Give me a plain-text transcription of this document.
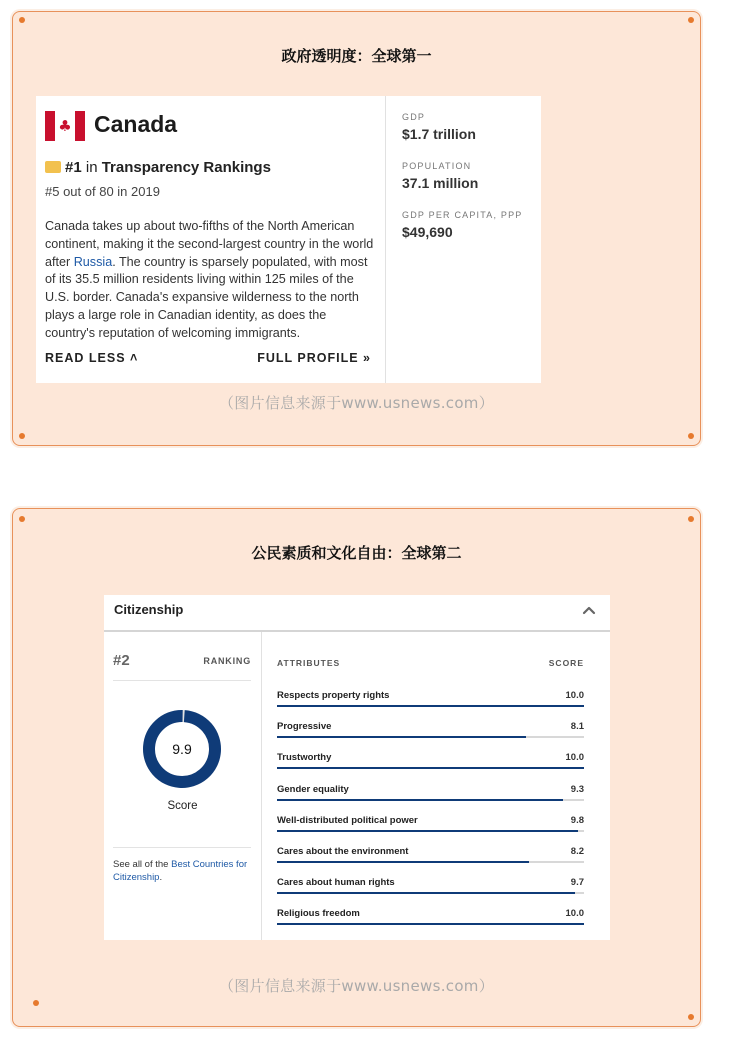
政府透明度：全球第一
♣ Canada
#1 in Transparency Rankings
#5 out of 80 in 2019
Canada takes up about two-fifths of the North American continent, making it the second-largest country in the world after Russia. The country is sparsely populated, with most of its 35.5 million residents living within 125 miles of the U.S. border. Canada's expansive wilderness to the north plays a large role in Canadian identity, as does the country's reputation of welcoming immigrants.
READ LESS ˄	FULL PROFILE »
GDP
$1.7 trillion
POPULATION
37.1 million
GDP PER CAPITA, PPP
$49,690
（图片信息来源于www.usnews.com）
公民素质和文化自由：全球第二
Citizenship
#2	RANKING
9.9
Score
See all of the Best Countries for Citizenship.
ATTRIBUTES	SCORE
Respects property rights	10.0
Progressive	8.1
Trustworthy	10.0
Gender equality	9.3
Well-distributed political power	9.8
Cares about the environment	8.2
Cares about human rights	9.7
Religious freedom	10.0
（图片信息来源于www.usnews.com）
